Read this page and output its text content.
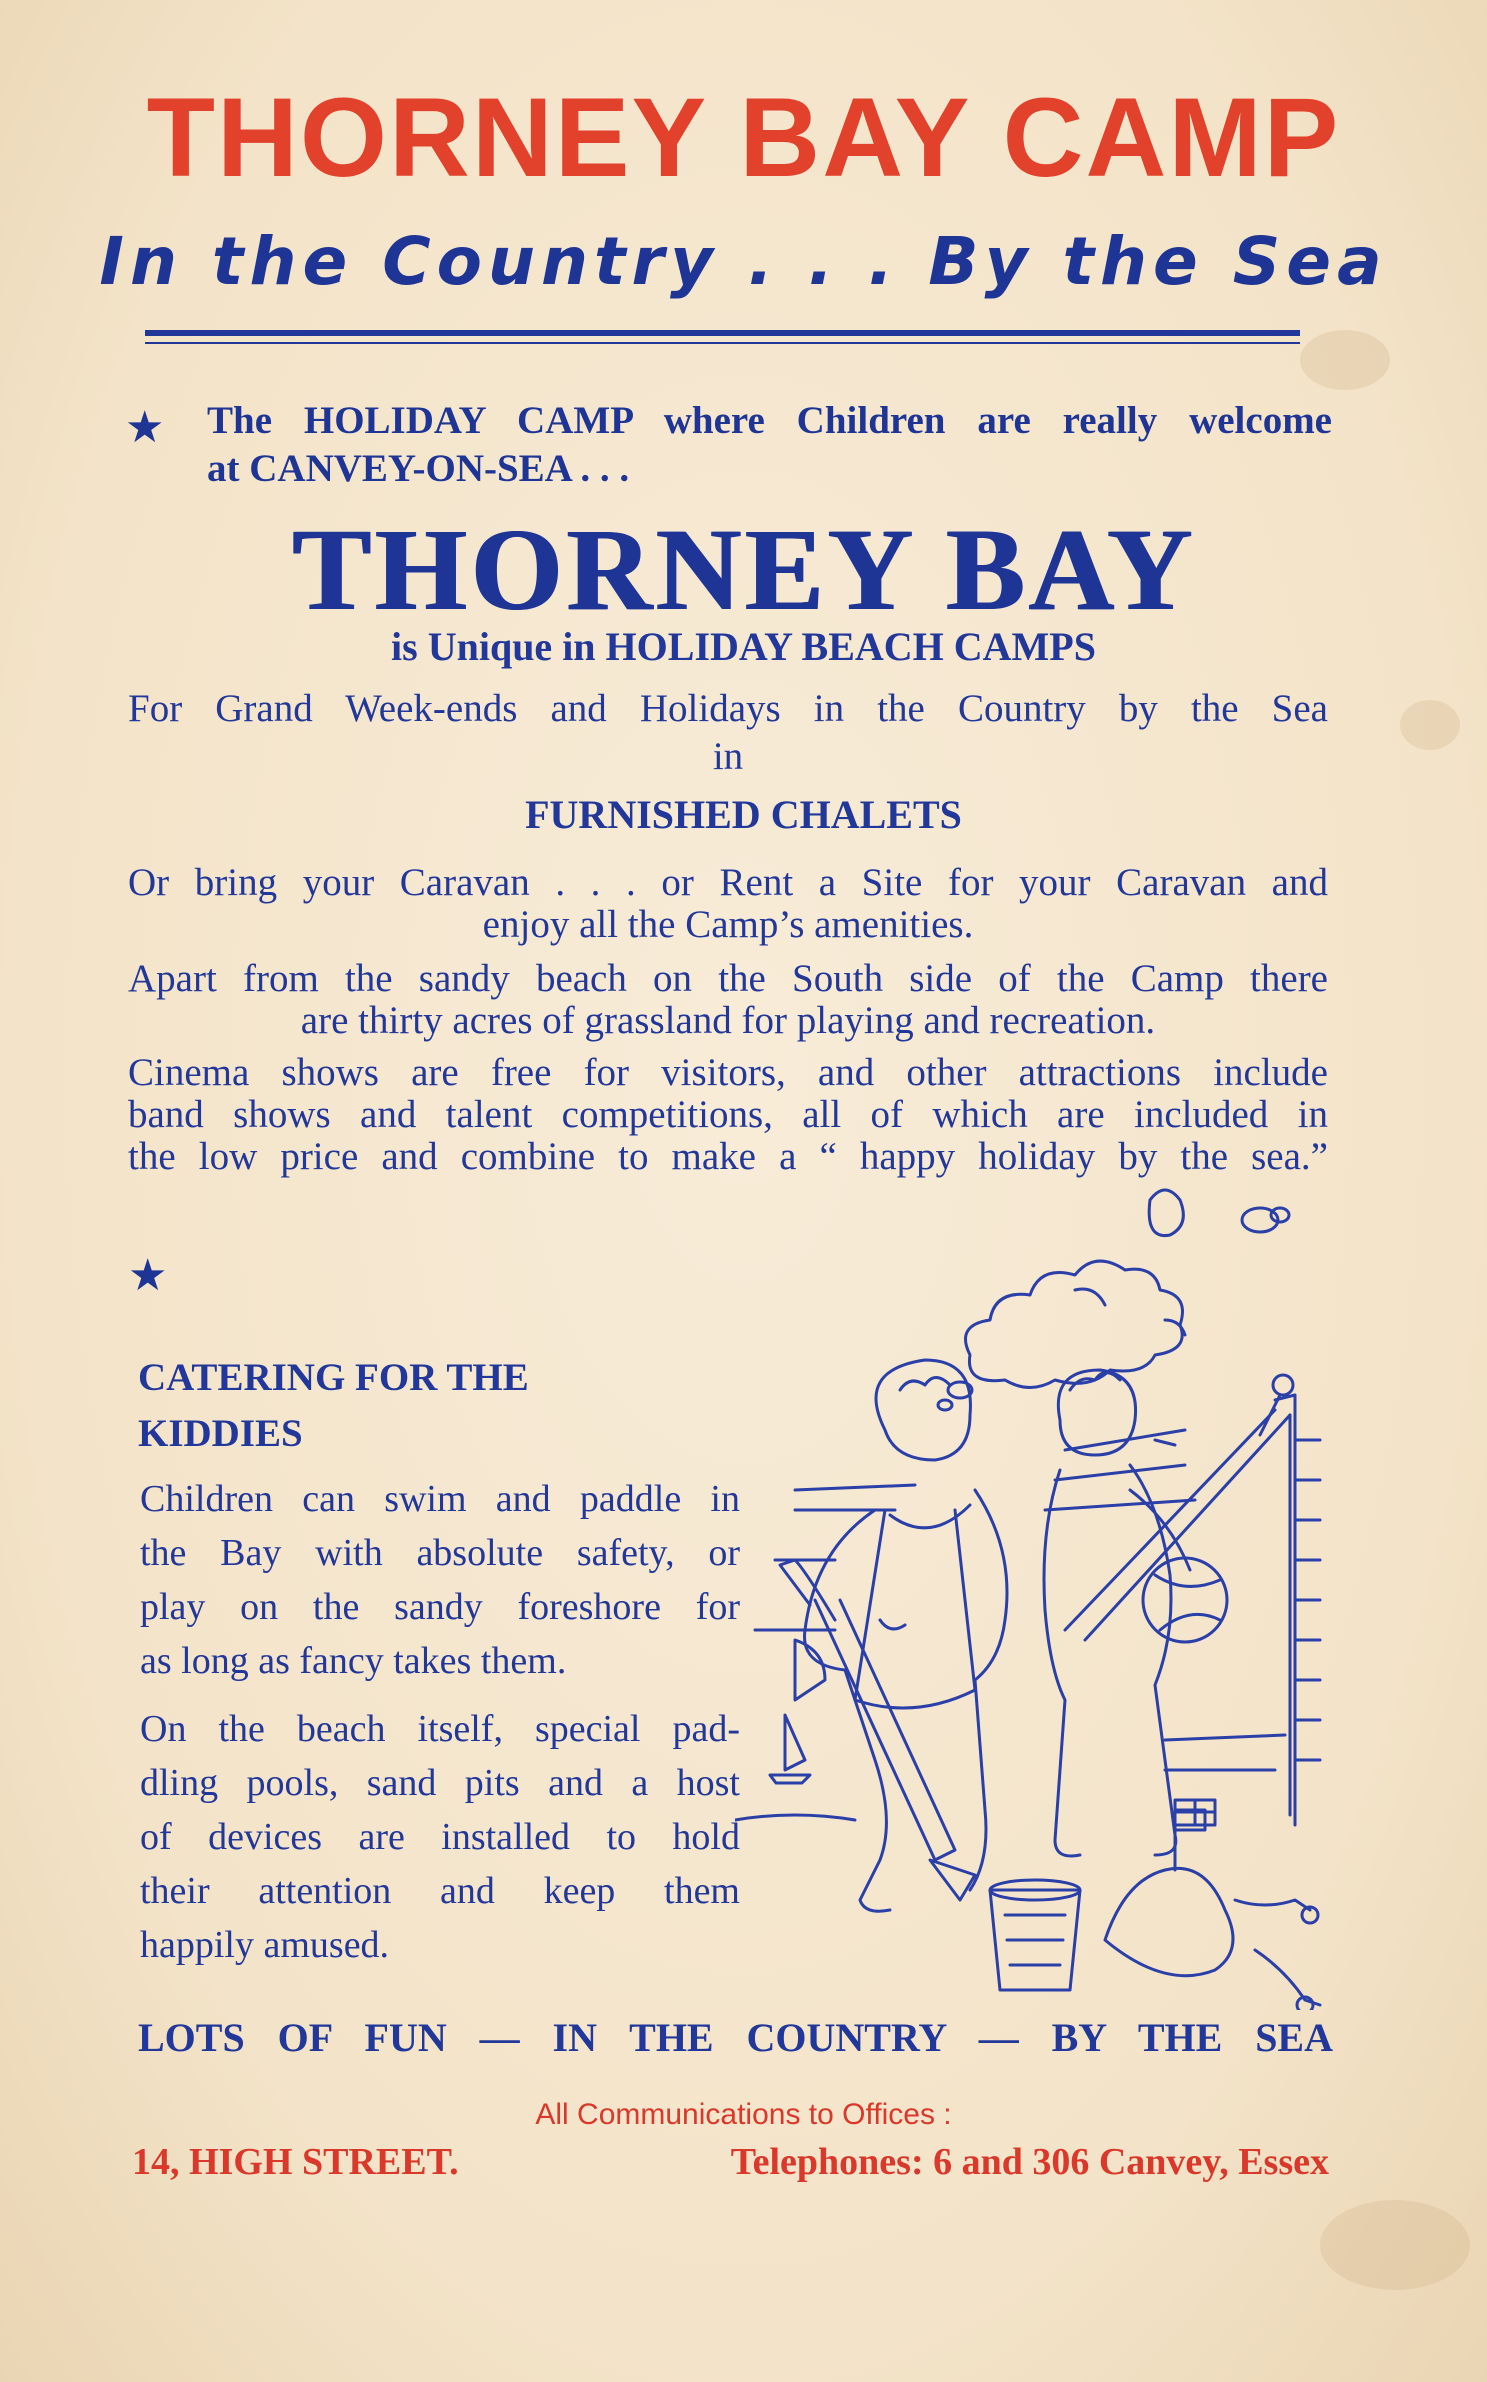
THORNEY BAY CAMP
In the Country . . . By the Sea
★ The HOLIDAY CAMP where Children are really welcome
at CANVEY-ON-SEA . . .
THORNEY BAY
is Unique in HOLIDAY BEACH CAMPS
For Grand Week-ends and Holidays in the Country by the Sea
in
FURNISHED CHALETS
Or bring your Caravan . . . or Rent a Site for your Caravan and
enjoy all the Camp’s amenities.
Apart from the sandy beach on the South side of the Camp there
are thirty acres of grassland for playing and recreation.
Cinema shows are free for visitors, and other attractions include
band shows and talent competitions, all of which are included in
the low price and combine to make a “ happy holiday by the sea.”
★
CATERING FOR THE
KIDDIES
Children can swim and paddle in
the Bay with absolute safety, or
play on the sandy foreshore for
as long as fancy takes them.
On the beach itself, special pad-
dling pools, sand pits and a host
of devices are installed to hold
their attention and keep them
happily amused.
LOTS OF FUN — IN THE COUNTRY — BY THE SEA
All Communications to Offices :
14, HIGH STREET.	Telephones: 6 and 306 Canvey, Essex
